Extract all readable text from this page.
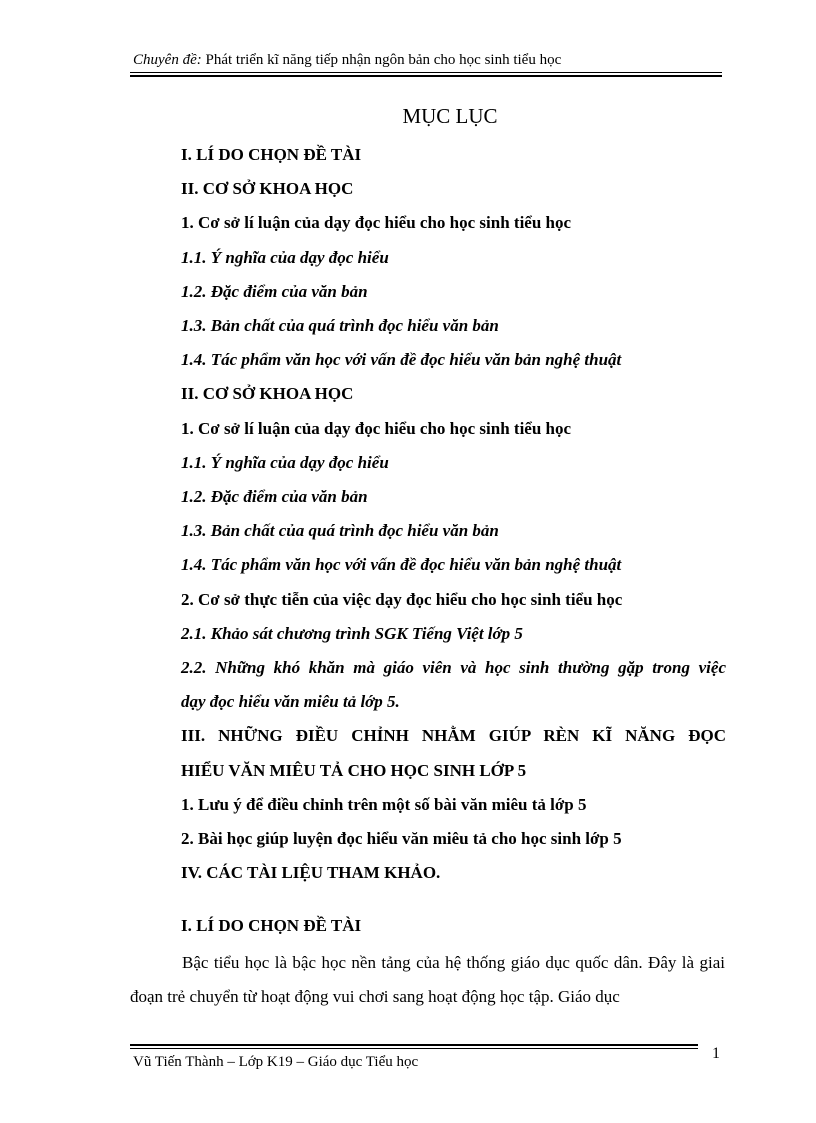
Chuyên đề: Phát triển kĩ năng tiếp nhận ngôn bản cho học sinh tiểu học
MỤC LỤC
I. LÍ DO CHỌN ĐỀ TÀI
II. CƠ SỞ KHOA HỌC
1. Cơ sở lí luận của dạy đọc hiểu cho học sinh tiểu học
1.1. Ý nghĩa của dạy đọc hiểu
1.2. Đặc điểm của văn bản
1.3. Bản chất của quá trình đọc hiểu văn bản
1.4. Tác phẩm văn học với vấn đề đọc hiểu văn bản nghệ thuật
II. CƠ SỞ KHOA HỌC
1. Cơ sở lí luận của dạy đọc hiểu cho học sinh tiểu học
1.1. Ý nghĩa của dạy đọc hiểu
1.2. Đặc điểm của văn bản
1.3. Bản chất của quá trình đọc hiểu văn bản
1.4. Tác phẩm văn học với vấn đề đọc hiểu văn bản nghệ thuật
2. Cơ sở thực tiễn của việc dạy đọc hiểu cho học sinh tiểu học
2.1. Khảo sát chương trình SGK Tiếng Việt lớp 5
2.2. Những khó khăn mà giáo viên và học sinh thường gặp trong việc
dạy đọc hiểu văn miêu tả lớp 5.
III. NHỮNG ĐIỀU CHỈNH NHẰM GIÚP RÈN KĨ NĂNG ĐỌC
HIỂU VĂN MIÊU TẢ CHO HỌC SINH LỚP 5
1. Lưu ý để điều chỉnh trên một số bài văn miêu tả lớp 5
2. Bài học giúp luyện đọc hiểu văn miêu tả cho học sinh lớp 5
IV. CÁC TÀI LIỆU THAM KHẢO.
I. LÍ DO CHỌN ĐỀ TÀI
Bậc tiểu học là bậc học nền tảng của hệ thống giáo dục quốc dân. Đây là giai đoạn trẻ chuyển từ hoạt động vui chơi sang hoạt động học tập. Giáo dục
Vũ Tiến Thành – Lớp K19 – Giáo dục Tiểu học	1
